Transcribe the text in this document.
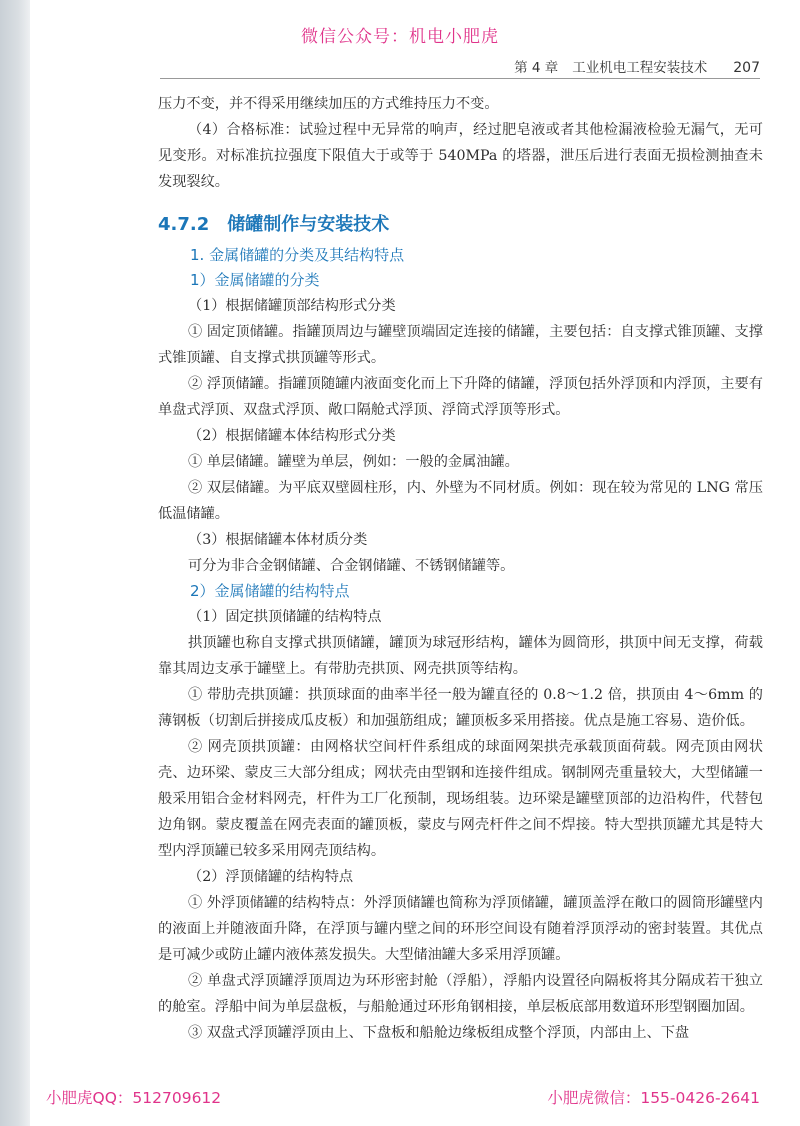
微信公众号：机电小肥虎
第 4 章 工业机电工程安装技术 207

压力不变，并不得采用继续加压的方式维持压力不变。

（4）合格标准：试验过程中无异常的响声，经过肥皂液或者其他检漏液检验无漏气，无可见变形。对标准抗拉强度下限值大于或等于 540MPa 的塔器，泄压后进行表面无损检测抽查未发现裂纹。

4.7.2 储罐制作与安装技术

1. 金属储罐的分类及其结构特点

1）金属储罐的分类

（1）根据储罐顶部结构形式分类

① 固定顶储罐。指罐顶周边与罐壁顶端固定连接的储罐，主要包括：自支撑式锥顶罐、支撑式锥顶罐、自支撑式拱顶罐等形式。

② 浮顶储罐。指罐顶随罐内液面变化而上下升降的储罐，浮顶包括外浮顶和内浮顶，主要有单盘式浮顶、双盘式浮顶、敞口隔舱式浮顶、浮筒式浮顶等形式。

（2）根据储罐本体结构形式分类

① 单层储罐。罐壁为单层，例如：一般的金属油罐。

② 双层储罐。为平底双壁圆柱形，内、外壁为不同材质。例如：现在较为常见的 LNG 常压低温储罐。

（3）根据储罐本体材质分类

可分为非合金钢储罐、合金钢储罐、不锈钢储罐等。

2）金属储罐的结构特点

（1）固定拱顶储罐的结构特点

拱顶罐也称自支撑式拱顶储罐，罐顶为球冠形结构，罐体为圆筒形，拱顶中间无支撑，荷载靠其周边支承于罐壁上。有带肋壳拱顶、网壳拱顶等结构。

① 带肋壳拱顶罐：拱顶球面的曲率半径一般为罐直径的 0.8～1.2 倍，拱顶由 4～6mm 的薄钢板（切割后拼接成瓜皮板）和加强筋组成；罐顶板多采用搭接。优点是施工容易、造价低。

② 网壳顶拱顶罐：由网格状空间杆件系组成的球面网架拱壳承载顶面荷载。网壳顶由网状壳、边环梁、蒙皮三大部分组成；网状壳由型钢和连接件组成。钢制网壳重量较大，大型储罐一般采用铝合金材料网壳，杆件为工厂化预制，现场组装。边环梁是罐壁顶部的边沿构件，代替包边角钢。蒙皮覆盖在网壳表面的罐顶板，蒙皮与网壳杆件之间不焊接。特大型拱顶罐尤其是特大型内浮顶罐已较多采用网壳顶结构。

（2）浮顶储罐的结构特点

① 外浮顶储罐的结构特点：外浮顶储罐也简称为浮顶储罐，罐顶盖浮在敞口的圆筒形罐壁内的液面上并随液面升降，在浮顶与罐内壁之间的环形空间设有随着浮顶浮动的密封装置。其优点是可减少或防止罐内液体蒸发损失。大型储油罐大多采用浮顶罐。

② 单盘式浮顶罐浮顶周边为环形密封舱（浮船），浮船内设置径向隔板将其分隔成若干独立的舱室。浮船中间为单层盘板，与船舱通过环形角钢相接，单层板底部用数道环形型钢圈加固。

③ 双盘式浮顶罐浮顶由上、下盘板和船舱边缘板组成整个浮顶，内部由上、下盘

小肥虎QQ：512709612	小肥虎微信：155-0426-2641
